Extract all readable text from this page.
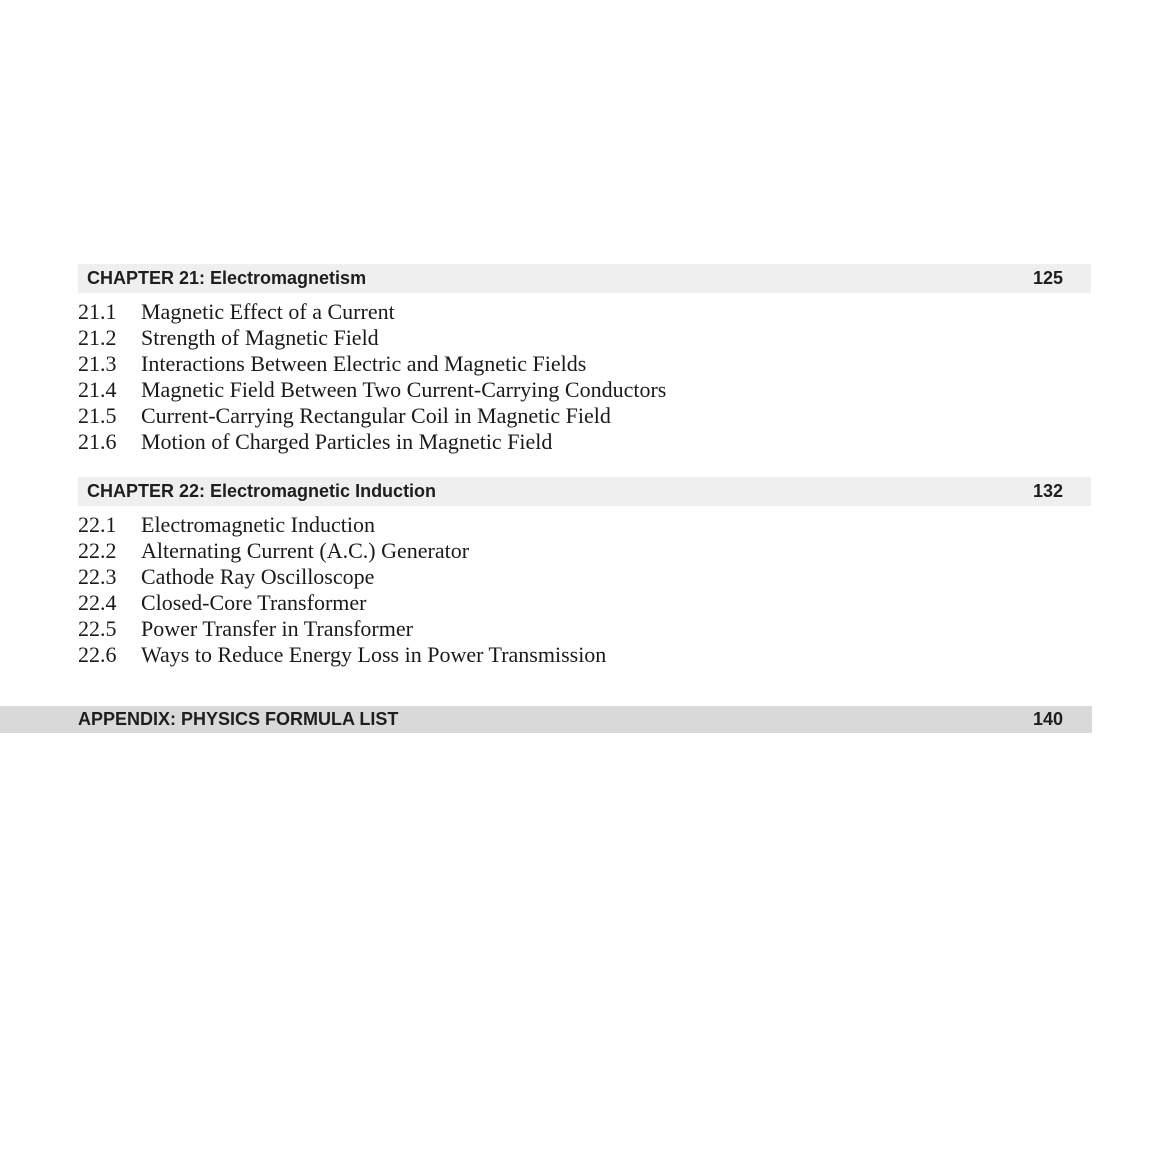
CHAPTER 21: Electromagnetism	125
21.1 Magnetic Effect of a Current
21.2 Strength of Magnetic Field
21.3 Interactions Between Electric and Magnetic Fields
21.4 Magnetic Field Between Two Current-Carrying Conductors
21.5 Current-Carrying Rectangular Coil in Magnetic Field
21.6 Motion of Charged Particles in Magnetic Field
CHAPTER 22: Electromagnetic Induction	132
22.1 Electromagnetic Induction
22.2 Alternating Current (A.C.) Generator
22.3 Cathode Ray Oscilloscope
22.4 Closed-Core Transformer
22.5 Power Transfer in Transformer
22.6 Ways to Reduce Energy Loss in Power Transmission
APPENDIX: PHYSICS FORMULA LIST	140
